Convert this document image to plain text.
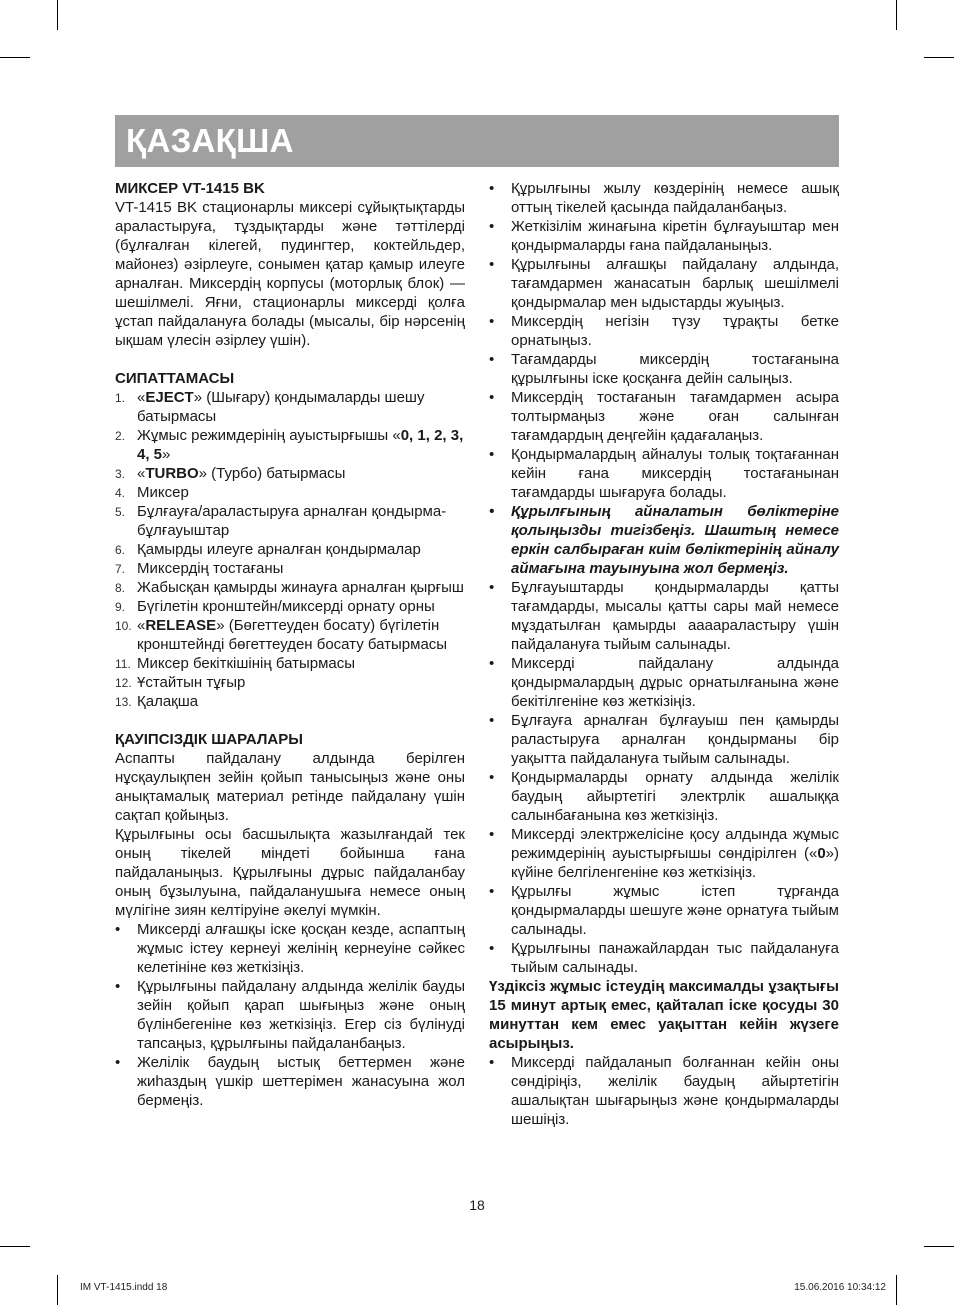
ҚАЗАҚША
МИКСЕР VT-1415 BK
VT-1415 BK стационарлы миксері сұйықтықтарды араластыруға, тұздықтарды және тәттілерді (бұлғалған кілегей, пудингтер, коктейльдер, майонез) әзірлеуге, сонымен қатар қамыр илеуге арналған. Миксердің корпусы (моторлық блок) — шешілмелі. Яғни, стационарлы миксерді қолға ұстап пайдалануға болады (мысалы, бір нәрсенің ықшам үлесін әзірлеу үшін).
СИПАТТАМАСЫ
1. «EJECT» (Шығару) қондымаларды шешу батырмасы
2. Жұмыс режимдерінің ауыстырғышы «0, 1, 2, 3, 4, 5»
3. «TURBO» (Турбо) батырмасы
4. Миксер
5. Бұлғауға/араластыруға арналған қондырма-бұлғауыштар
6. Қамырды илеуге арналған қондырмалар
7. Миксердің тостағаны
8. Жабысқан қамырды жинауға арналған қырғыш
9. Бүгілетін кронштейн/миксерді орнату орны
10. «RELEASE» (Бөгеттеуден босату) бүгілетін кронштейнді бөгеттеуден босату батырмасы
11. Миксер бекіткішінің батырмасы
12. Ұстайтын тұғыр
13. Қалақша
ҚАУІПСІЗДІК ШАРАЛАРЫ
Аспапты пайдалану алдында берілген нұсқаулықпен зейін қойып танысыңыз және оны анықтамалық материал ретінде пайдалану үшін сақтап қойыңыз.
Құрылғыны осы басшылықта жазылғандай тек оның тікелей міндеті бойынша ғана пайдаланыңыз. Құрылғыны дұрыс пайдаланбау оның бұзылуына, пайдаланушыға немесе оның мүлігіне зиян келтіруіне әкелуі мүмкін.
• Миксерді алғашқы іске қосқан кезде, аспаптың жұмыс істеу кернеуі желінің кернеуіне сәйкес келетініне көз жеткізіңіз.
• Құрылғыны пайдалану алдында желілік бауды зейін қойып қарап шығыңыз және оның бүлінбегеніне көз жеткізіңіз. Егер сіз бүлінуді тапсаңыз, құрылғыны пайдаланбаңыз.
• Желілік баудың ыстық беттермен және жиһаздың үшкір шеттерімен жанасуына жол бермеңіз.
• Құрылғыны жылу көздерінің немесе ашық оттың тікелей қасында пайдаланбаңыз.
• Жеткізілім жинағына кіретін бұлғауыштар мен қондырмаларды ғана пайдаланыңыз.
• Құрылғыны алғашқы пайдалану алдында, тағамдармен жанасатын барлық шешілмелі қондырмалар мен ыдыстарды жуыңыз.
• Миксердің негізін түзу тұрақты бетке орнатыңыз.
• Тағамдарды миксердің тостағанына құрылғыны іске қосқанға дейін салыңыз.
• Миксердің тостағанын тағамдармен асыра толтырмаңыз және оған салынған тағамдардың деңгейін қадағалаңыз.
• Қондырмалардың айналуы толық тоқтағаннан кейін ғана миксердің тостағанынан тағамдарды шығаруға болады.
• Құрылғының айналатын бөліктеріне қолыңызды тигізбеңіз. Шаштың немесе еркін салбыраған киім бөліктерінің айналу аймағына тауынуына жол бермеңіз.
• Бұлғауыштарды қондырмаларды қатты тағамдарды, мысалы қатты сары май немесе мұздатылған қамырды аааараластыру үшін пайдалануға тыйым салынады.
• Миксерді пайдалану алдында қондырмалардың дұрыс орнатылғанына және бекітілгеніне көз жеткізіңіз.
• Бұлғауға арналған бұлғауыш пен қамырды раластыруға арналған қондырманы бір уақытта пайдалануға тыйым салынады.
• Қондырмаларды орнату алдында желілік баудың айыртетігі электрлік ашалыққа салынбағанына көз жеткізіңіз.
• Миксерді электржелісіне қосу алдында жұмыс режимдерінің ауыстырғышы сөндірілген («0») күйіне белгіленгеніне көз жеткізіңіз.
• Құрылғы жұмыс істеп тұрғанда қондырмаларды шешуге және орнатуға тыйым салынады.
• Құрылғыны панажайлардан тыс пайдалануға тыйым салынады.
Үздіксіз жұмыс істеудің максималды ұзақтығы 15 минут артық емес, қайталап іске қосуды 30 минуттан кем емес уақыттан кейін жүзеге асырыңыз.
• Миксерді пайдаланып болғаннан кейін оны сөндіріңіз, желілік баудың айыртетігін ашалықтан шығарыңыз және қондырмаларды шешіңіз.
18
IM VT-1415.indd 18	15.06.2016 10:34:12
